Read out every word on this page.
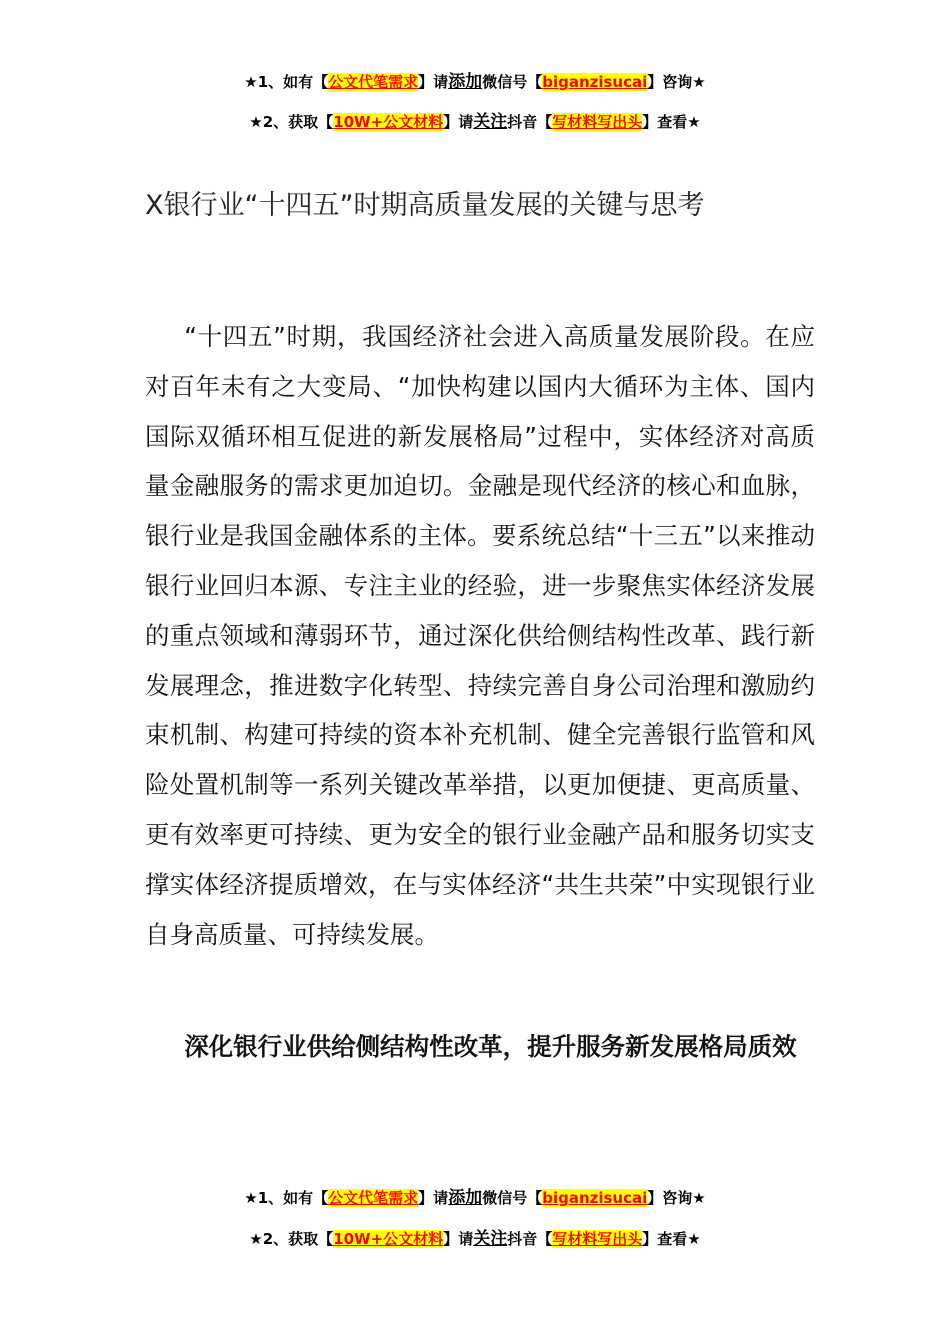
★1、如有【公文代笔需求】请添加微信号【biganzisucai】咨询★
★2、获取【10W+公文材料】请关注抖音【写材料写出头】查看★
X银行业“十四五”时期高质量发展的关键与思考

“十四五”时期，我国经济社会进入高质量发展阶段。在应对百年未有之大变局、“加快构建以国内大循环为主体、国内国际双循环相互促进的新发展格局”过程中，实体经济对高质量金融服务的需求更加迫切。金融是现代经济的核心和血脉，银行业是我国金融体系的主体。要系统总结“十三五”以来推动银行业回归本源、专注主业的经验，进一步聚焦实体经济发展的重点领域和薄弱环节，通过深化供给侧结构性改革、践行新发展理念，推进数字化转型、持续完善自身公司治理和激励约束机制、构建可持续的资本补充机制、健全完善银行监管和风险处置机制等一系列关键改革举措，以更加便捷、更高质量、更有效率更可持续、更为安全的银行业金融产品和服务切实支撑实体经济提质增效，在与实体经济“共生共荣”中实现银行业自身高质量、可持续发展。

深化银行业供给侧结构性改革，提升服务新发展格局质效

★1、如有【公文代笔需求】请添加微信号【biganzisucai】咨询★
★2、获取【10W+公文材料】请关注抖音【写材料写出头】查看★
